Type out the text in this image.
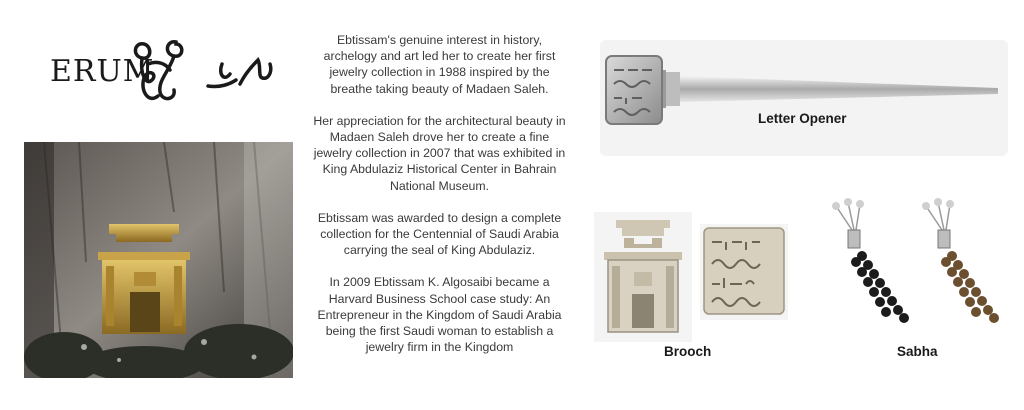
ERUM

Ebtissam's genuine interest in history, archelogy and art led her to create her first jewelry collection in 1988 inspired by the breathe taking beauty of Madaen Saleh.

Her appreciation for the architectural beauty in Madaen Saleh drove her to create a fine jewelry collection in 2007 that was exhibited in King Abdulaziz Historical Center in Bahrain National Museum.

Ebtissam was awarded to design a complete collection for the Centennial of Saudi Arabia carrying the seal of King Abdulaziz.

In 2009 Ebtissam K. Algosaibi became a Harvard Business School case study: An Entrepreneur in the Kingdom of Saudi Arabia being the first Saudi woman to establish a jewelry firm in the Kingdom

Letter Opener
Brooch	Sabha
